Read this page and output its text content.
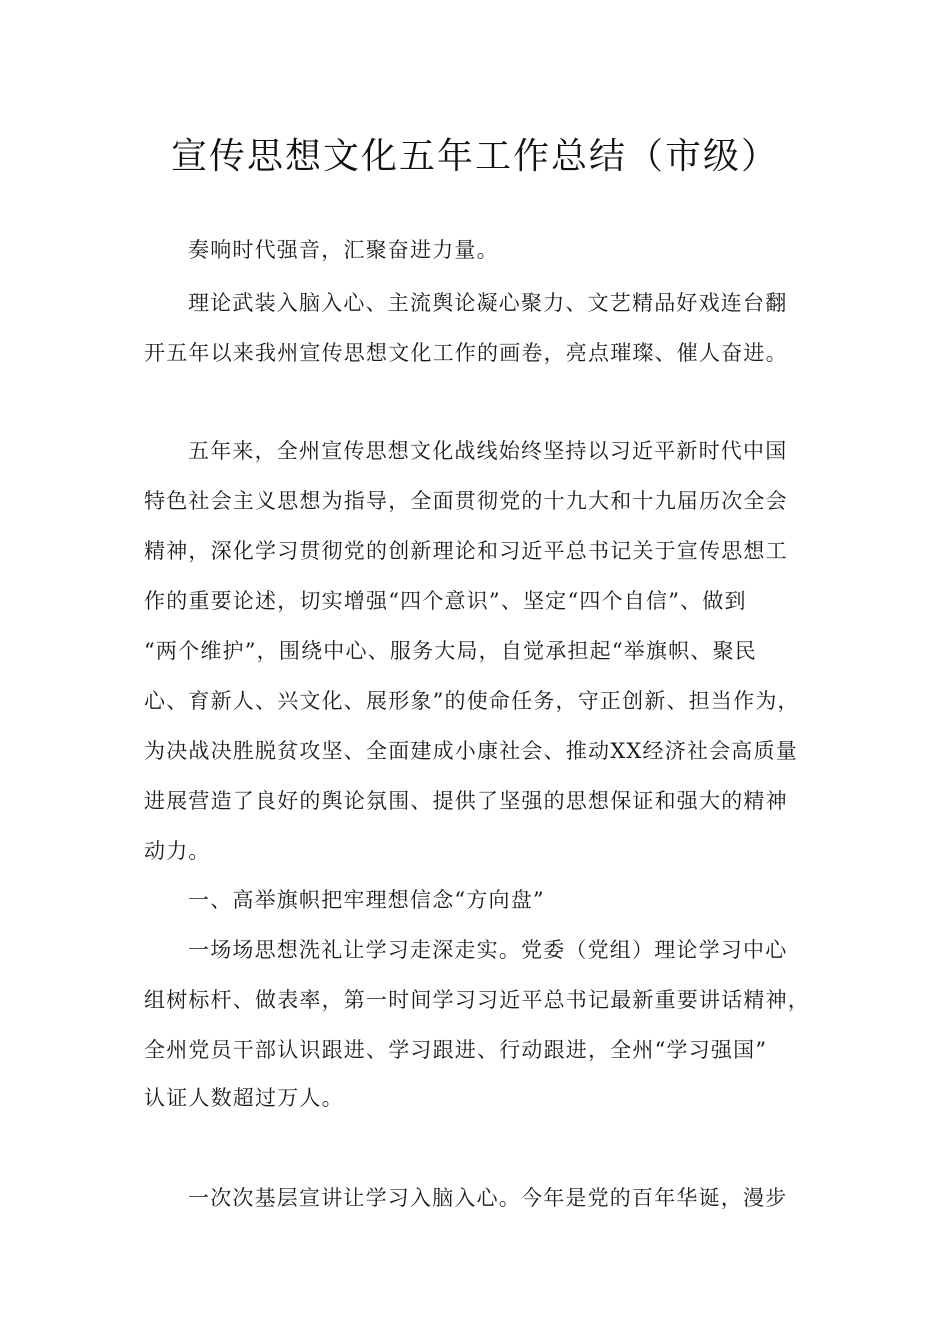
宣传思想文化五年工作总结（市级）

奏响时代强音，汇聚奋进力量。

理论武装入脑入心、主流舆论凝心聚力、文艺精品好戏连台翻

开五年以来我州宣传思想文化工作的画卷，亮点璀璨、催人奋进。

五年来，全州宣传思想文化战线始终坚持以习近平新时代中国

特色社会主义思想为指导，全面贯彻党的十九大和十九届历次全会

精神，深化学习贯彻党的创新理论和习近平总书记关于宣传思想工

作的重要论述，切实增强“四个意识”、坚定“四个自信”、做到

“两个维护”，围绕中心、服务大局，自觉承担起“举旗帜、聚民

心、育新人、兴文化、展形象”的使命任务，守正创新、担当作为，

为决战决胜脱贫攻坚、全面建成小康社会、推动XX经济社会高质量

进展营造了良好的舆论氛围、提供了坚强的思想保证和强大的精神

动力。

一、高举旗帜把牢理想信念“方向盘”

一场场思想洗礼让学习走深走实。党委（党组）理论学习中心

组树标杆、做表率，第一时间学习习近平总书记最新重要讲话精神，

全州党员干部认识跟进、学习跟进、行动跟进，全州“学习强国”

认证人数超过万人。

一次次基层宣讲让学习入脑入心。今年是党的百年华诞，漫步
